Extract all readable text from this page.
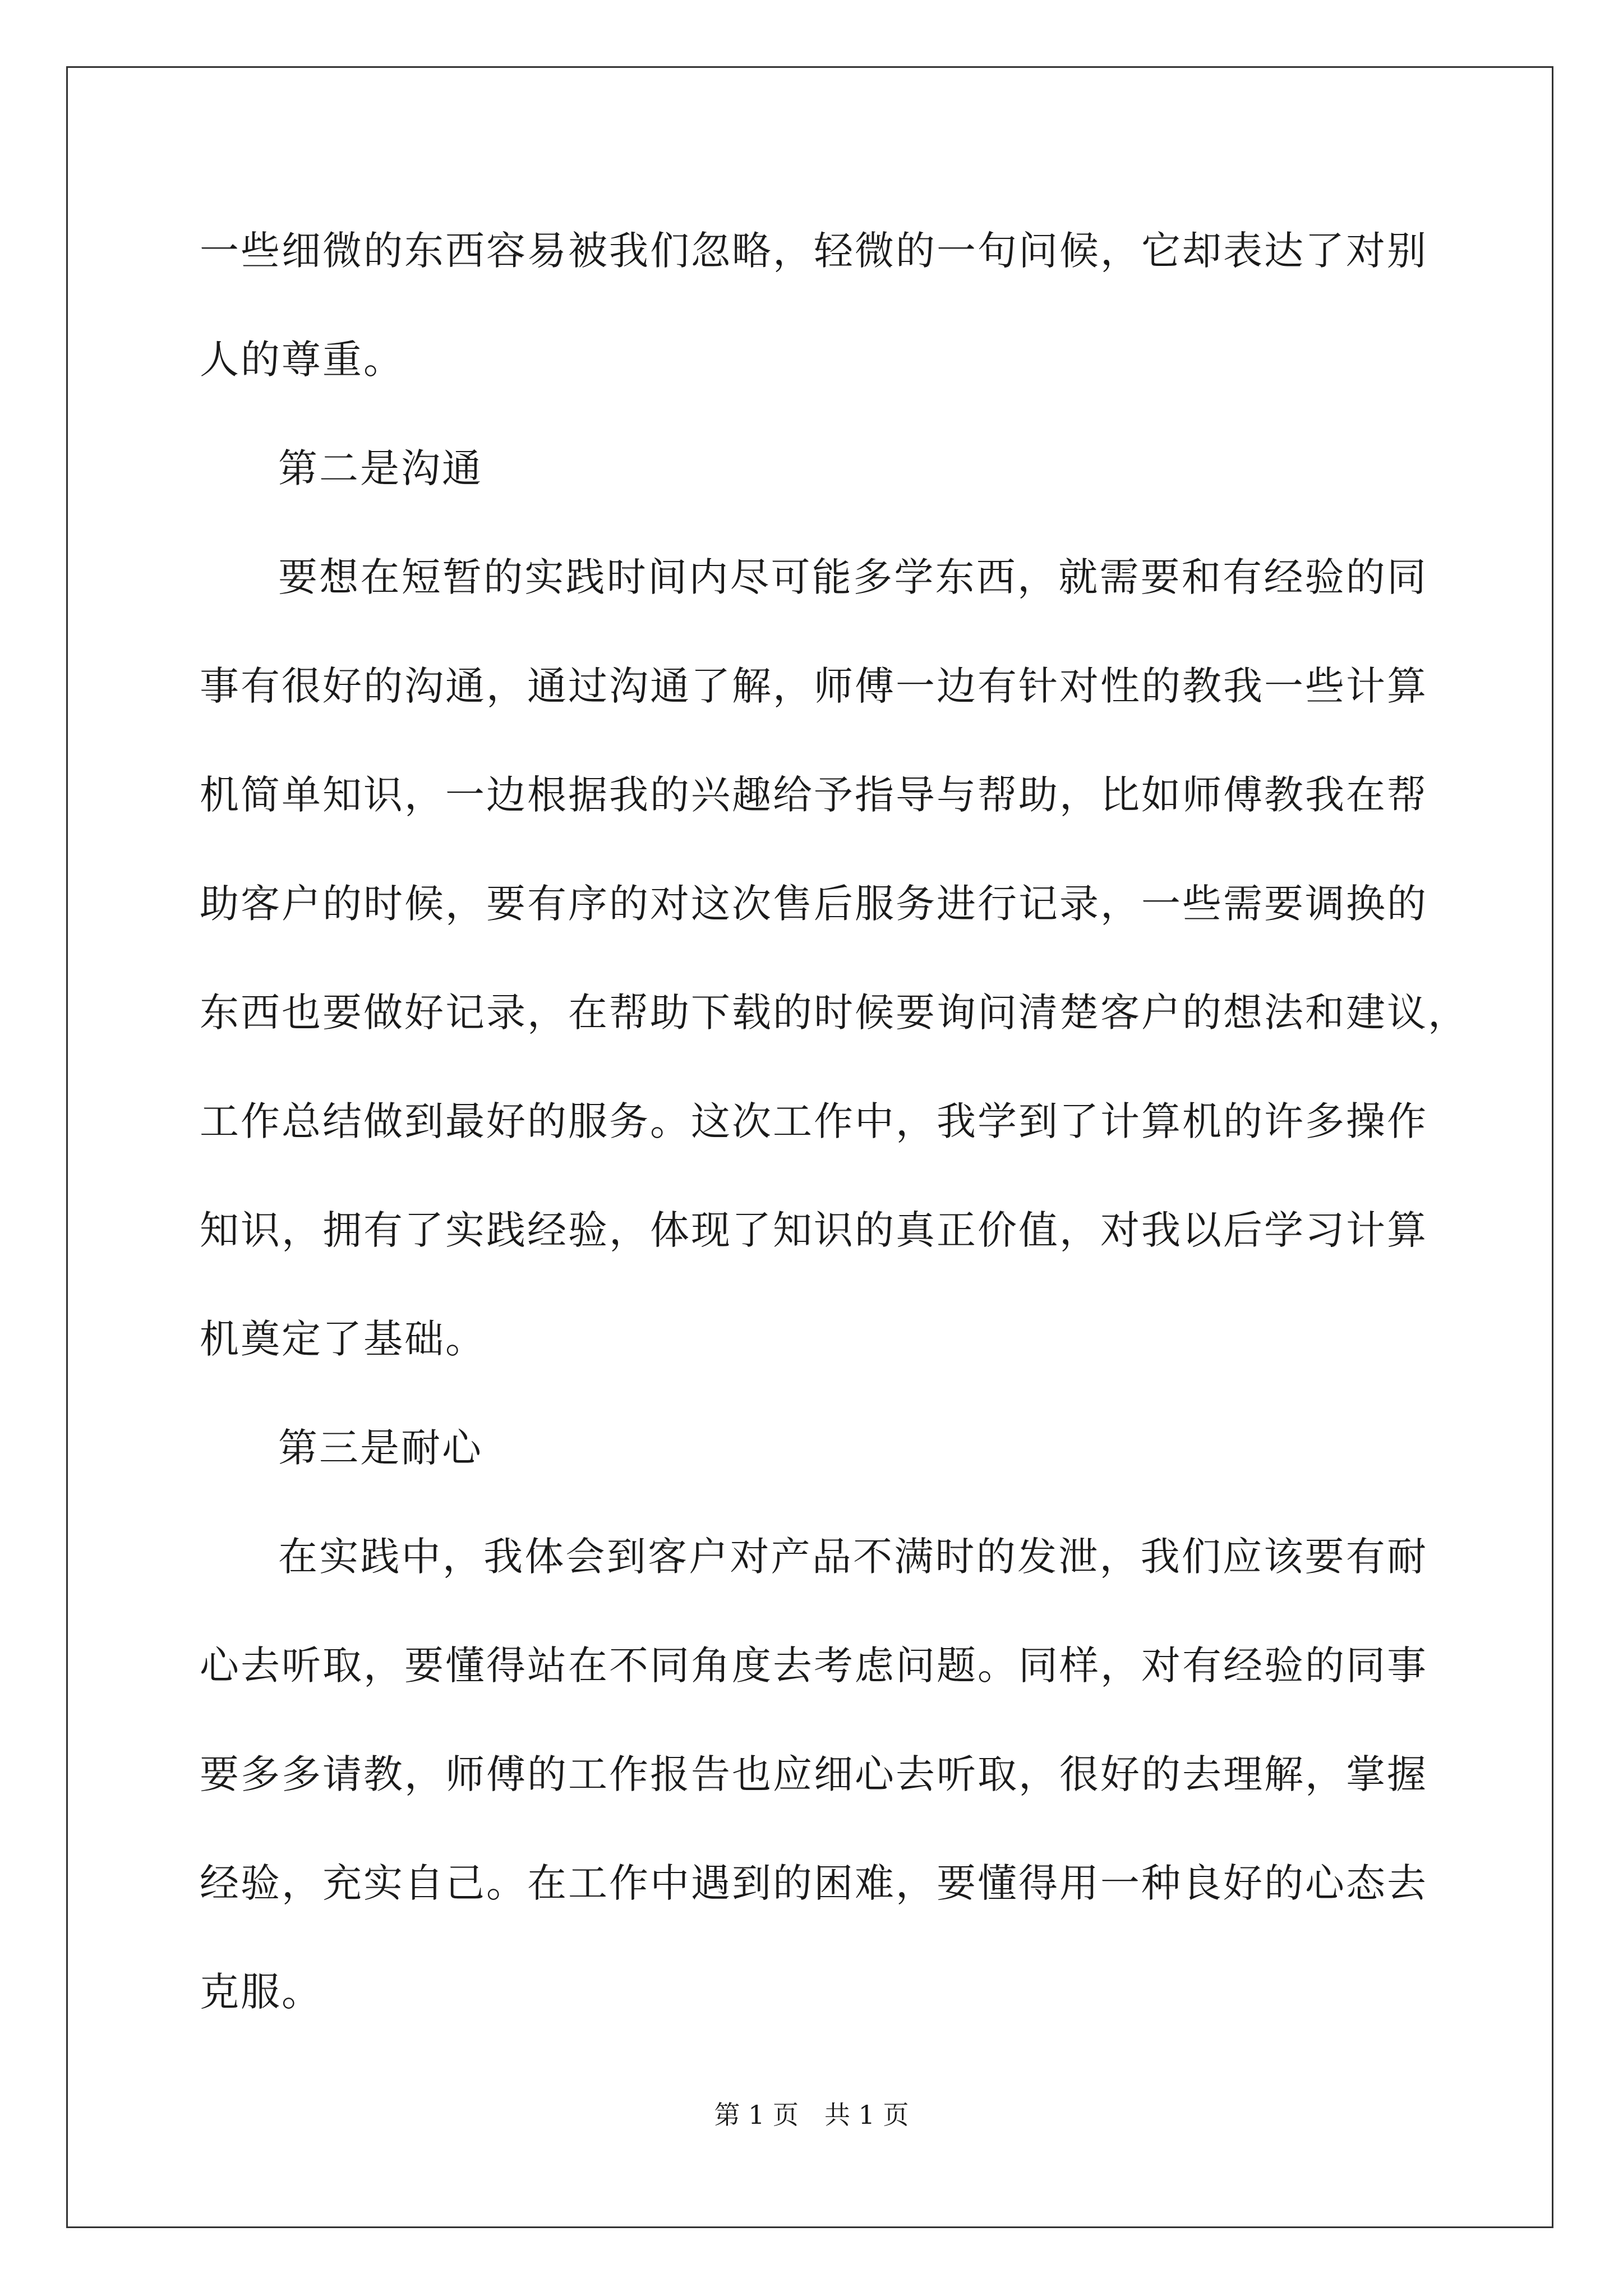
一些细微的东西容易被我们忽略，轻微的一句问候，它却表达了对别
人的尊重。
第二是沟通
要想在短暂的实践时间内尽可能多学东西，就需要和有经验的同
事有很好的沟通，通过沟通了解，师傅一边有针对性的教我一些计算
机简单知识，一边根据我的兴趣给予指导与帮助，比如师傅教我在帮
助客户的时候，要有序的对这次售后服务进行记录，一些需要调换的
东西也要做好记录，在帮助下载的时候要询问清楚客户的想法和建议，
工作总结做到最好的服务。这次工作中，我学到了计算机的许多操作
知识，拥有了实践经验，体现了知识的真正价值，对我以后学习计算
机奠定了基础。
第三是耐心
在实践中，我体会到客户对产品不满时的发泄，我们应该要有耐
心去听取，要懂得站在不同角度去考虑问题。同样，对有经验的同事
要多多请教，师傅的工作报告也应细心去听取，很好的去理解，掌握
经验，充实自己。在工作中遇到的困难，要懂得用一种良好的心态去
克服。
第 1 页　共 1 页
